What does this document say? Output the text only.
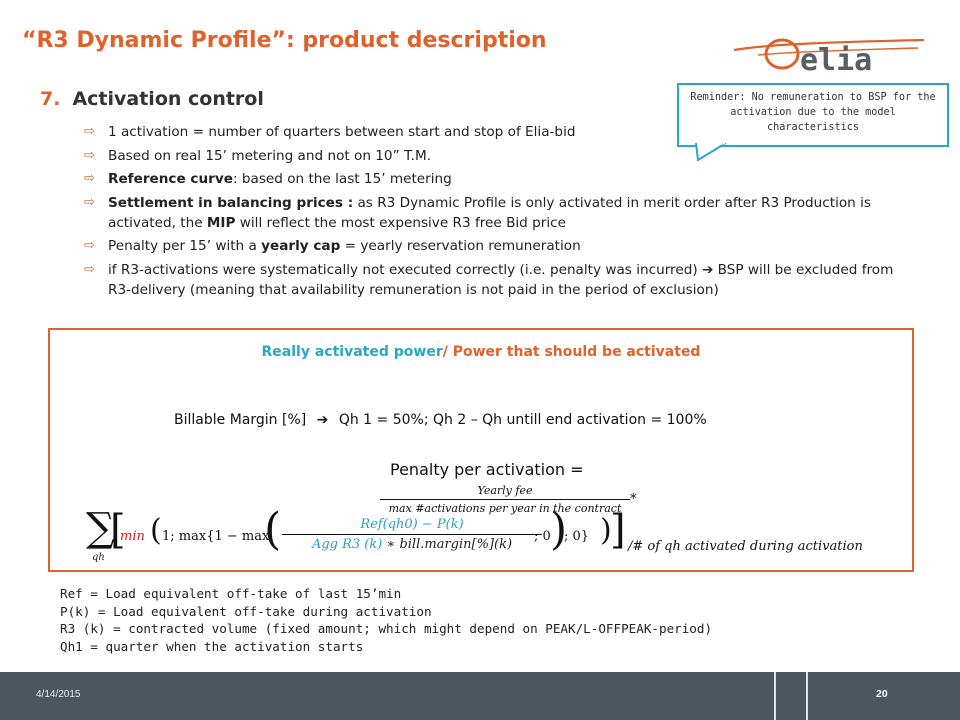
“R3 Dynamic Profile”: product description
elia
7. Activation control
⇨ 1 activation = number of quarters between start and stop of Elia-bid
⇨ Based on real 15’ metering and not on 10” T.M.
⇨ Reference curve: based on the last 15’ metering
⇨ Settlement in balancing prices : as R3 Dynamic Profile is only activated in merit order after R3 Production is activated, the MIP will reflect the most expensive R3 free Bid price
⇨ Penalty per 15’ with a yearly cap = yearly reservation remuneration
⇨ if R3-activations were systematically not executed correctly (i.e. penalty was incurred) ➔ BSP will be excluded from R3-delivery (meaning that availability remuneration is not paid in the period of exclusion)
Reminder: No remuneration to BSP for the activation due to the model characteristics
Really activated power/ Power that should be activated
Billable Margin [%] ➔ Qh 1 = 50%; Qh 2 – Qh untill end activation = 100%
Penalty per activation =
Yearly fee
max #activations per year in the contract
*
∑
qh
[
min ( 1; max{1 − max
(	Ref(qh0) − P(k)
Agg R3 (k) ∗ bill.margin[%](k)
; 0 )
; 0} )
] /# of qh activated during activation
Ref = Load equivalent off-take of last 15’min
P(k) = Load equivalent off-take during activation
R3 (k) = contracted volume (fixed amount; which might depend on PEAK/L-OFFPEAK-period)
Qh1 = quarter when the activation starts
4/14/2015	20
